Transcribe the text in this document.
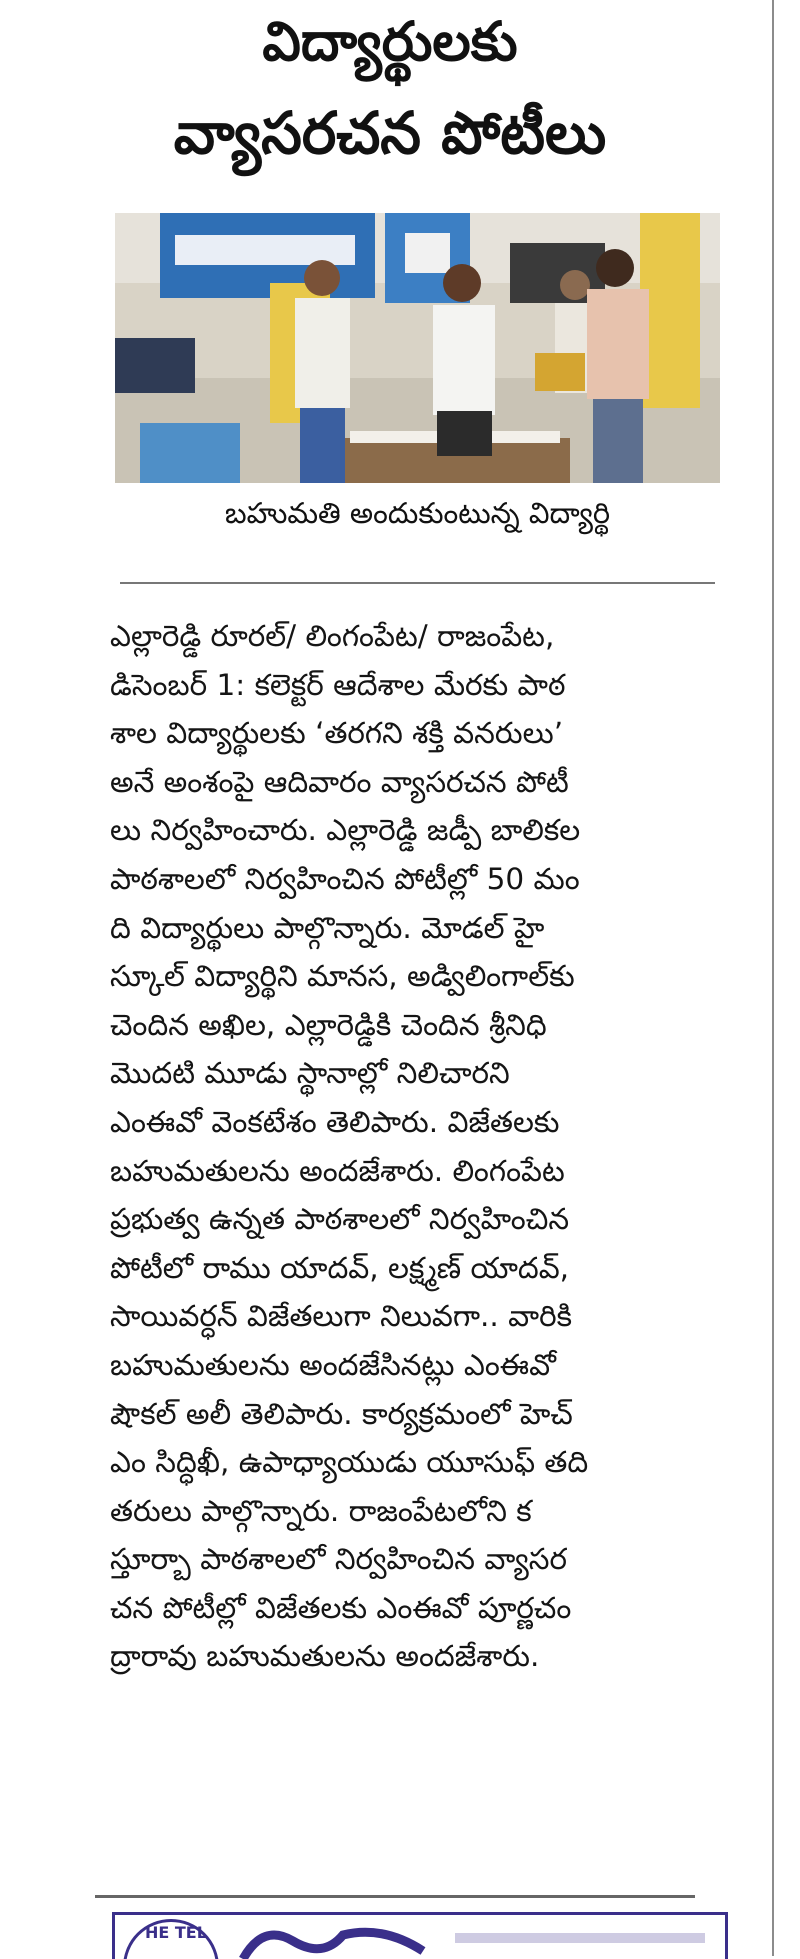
విద్యార్థులకు
వ్యాసరచన పోటీలు
బహుమతి అందుకుంటున్న విద్యార్థి
ఎల్లారెడ్డి రూరల్/ లింగంపేట/ రాజంపేట,
డిసెంబర్ 1: కలెక్టర్ ఆదేశాల మేరకు పాఠ
శాల విద్యార్థులకు ‘తరగని శక్తి వనరులు’
అనే అంశంపై ఆదివారం వ్యాసరచన పోటీ
లు నిర్వహించారు. ఎల్లారెడ్డి జడ్పీ బాలికల
పాఠశాలలో నిర్వహించిన పోటీల్లో 50 మం
ది విద్యార్థులు పాల్గొన్నారు. మోడల్ హై
స్కూల్ విద్యార్థిని మానస, అడ్విలింగాల్‌కు
చెందిన అఖిల, ఎల్లారెడ్డికి చెందిన శ్రీనిధి
మొదటి మూడు స్థానాల్లో నిలిచారని
ఎంఈవో వెంకటేశం తెలిపారు. విజేతలకు
బహుమతులను అందజేశారు. లింగంపేట
ప్రభుత్వ ఉన్నత పాఠశాలలో నిర్వహించిన
పోటీలో రాము యాదవ్, లక్ష్మణ్ యాదవ్,
సాయివర్ధన్ విజేతలుగా నిలువగా.. వారికి
బహుమతులను అందజేసినట్లు ఎంఈవో
షౌకల్ అలీ తెలిపారు. కార్యక్రమంలో హెచ్
ఎం సిద్ధిఖీ, ఉపాధ్యాయుడు యూసుఫ్ తది
తరులు పాల్గొన్నారు. రాజంపేటలోని క
స్తూర్బా పాఠశాలలో నిర్వహించిన వ్యాసర
చన పోటీల్లో విజేతలకు ఎంఈవో పూర్ణచం
ద్రారావు బహుమతులను అందజేశారు.
HE TEL
